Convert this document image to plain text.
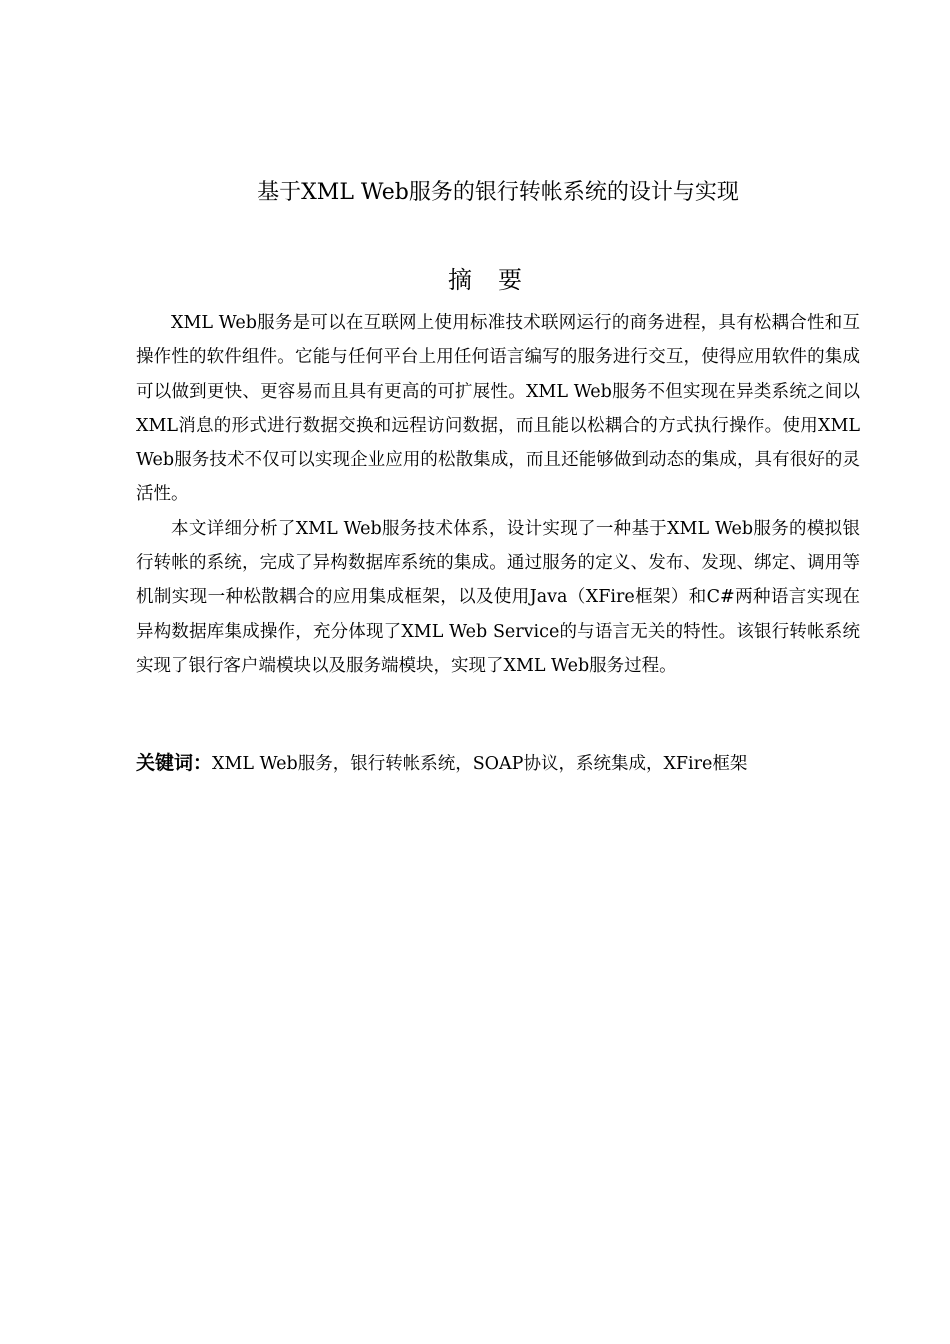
基于XML Web服务的银行转帐系统的设计与实现
摘要

XML Web服务是可以在互联网上使用标准技术联网运行的商务进程，具有松耦合性和互操作性的软件组件。它能与任何平台上用任何语言编写的服务进行交互，使得应用软件的集成可以做到更快、更容易而且具有更高的可扩展性。XML Web服务不但实现在异类系统之间以XML消息的形式进行数据交换和远程访问数据，而且能以松耦合的方式执行操作。使用XML Web服务技术不仅可以实现企业应用的松散集成，而且还能够做到动态的集成，具有很好的灵活性。

本文详细分析了XML Web服务技术体系，设计实现了一种基于XML Web服务的模拟银行转帐的系统，完成了异构数据库系统的集成。通过服务的定义、发布、发现、绑定、调用等机制实现一种松散耦合的应用集成框架，以及使用Java（XFire框架）和C#两种语言实现在异构数据库集成操作，充分体现了XML Web Service的与语言无关的特性。该银行转帐系统实现了银行客户端模块以及服务端模块，实现了XML Web服务过程。

关键词：XML Web服务，银行转帐系统，SOAP协议，系统集成，XFire框架
